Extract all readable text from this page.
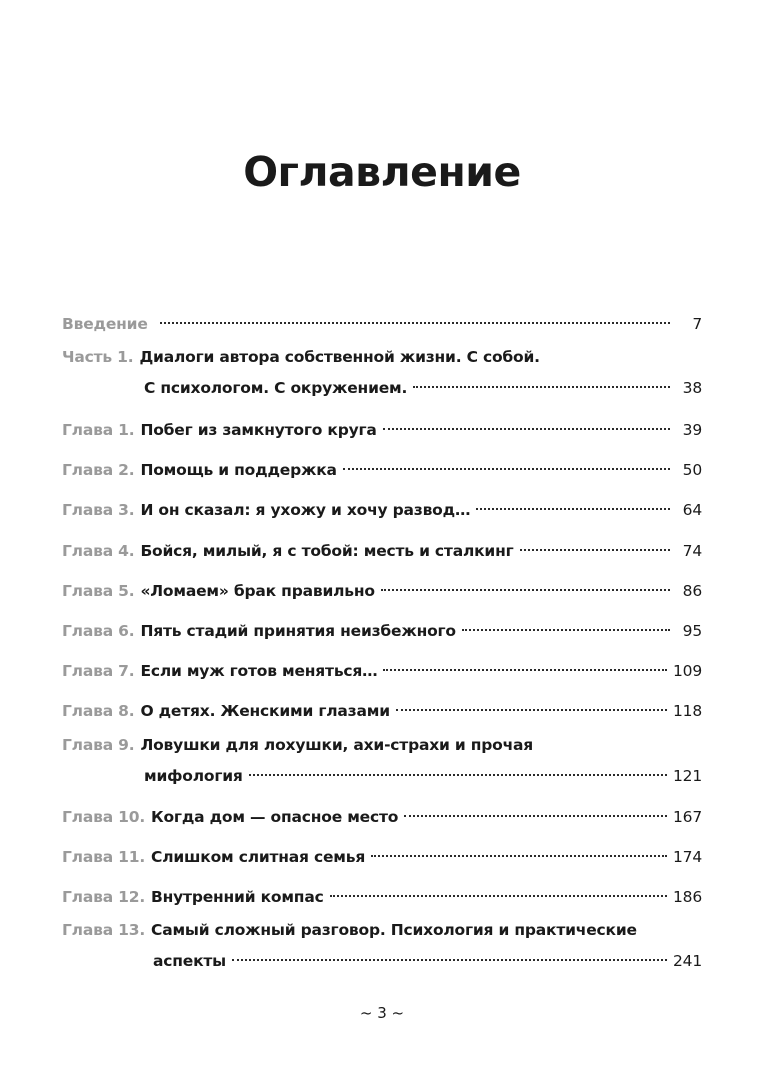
Оглавление
Введение	7
Часть 1. Диалоги автора собственной жизни. С собой.
С психологом. С окружением.	38
Глава 1. Побег из замкнутого круга	39
Глава 2. Помощь и поддержка	50
Глава 3. И он сказал: я ухожу и хочу развод…	64
Глава 4. Бойся, милый, я с тобой: месть и сталкинг	74
Глава 5. «Ломаем» брак правильно	86
Глава 6. Пять стадий принятия неизбежного	95
Глава 7. Если муж готов меняться…	109
Глава 8. О детях. Женскими глазами	118
Глава 9. Ловушки для лохушки, ахи-страхи и прочая
мифология	121
Глава 10. Когда дом — опасное место	167
Глава 11. Слишком слитная семья	174
Глава 12. Внутренний компас	186
Глава 13. Самый сложный разговор. Психология и практические
аспекты	241
~ 3 ~
